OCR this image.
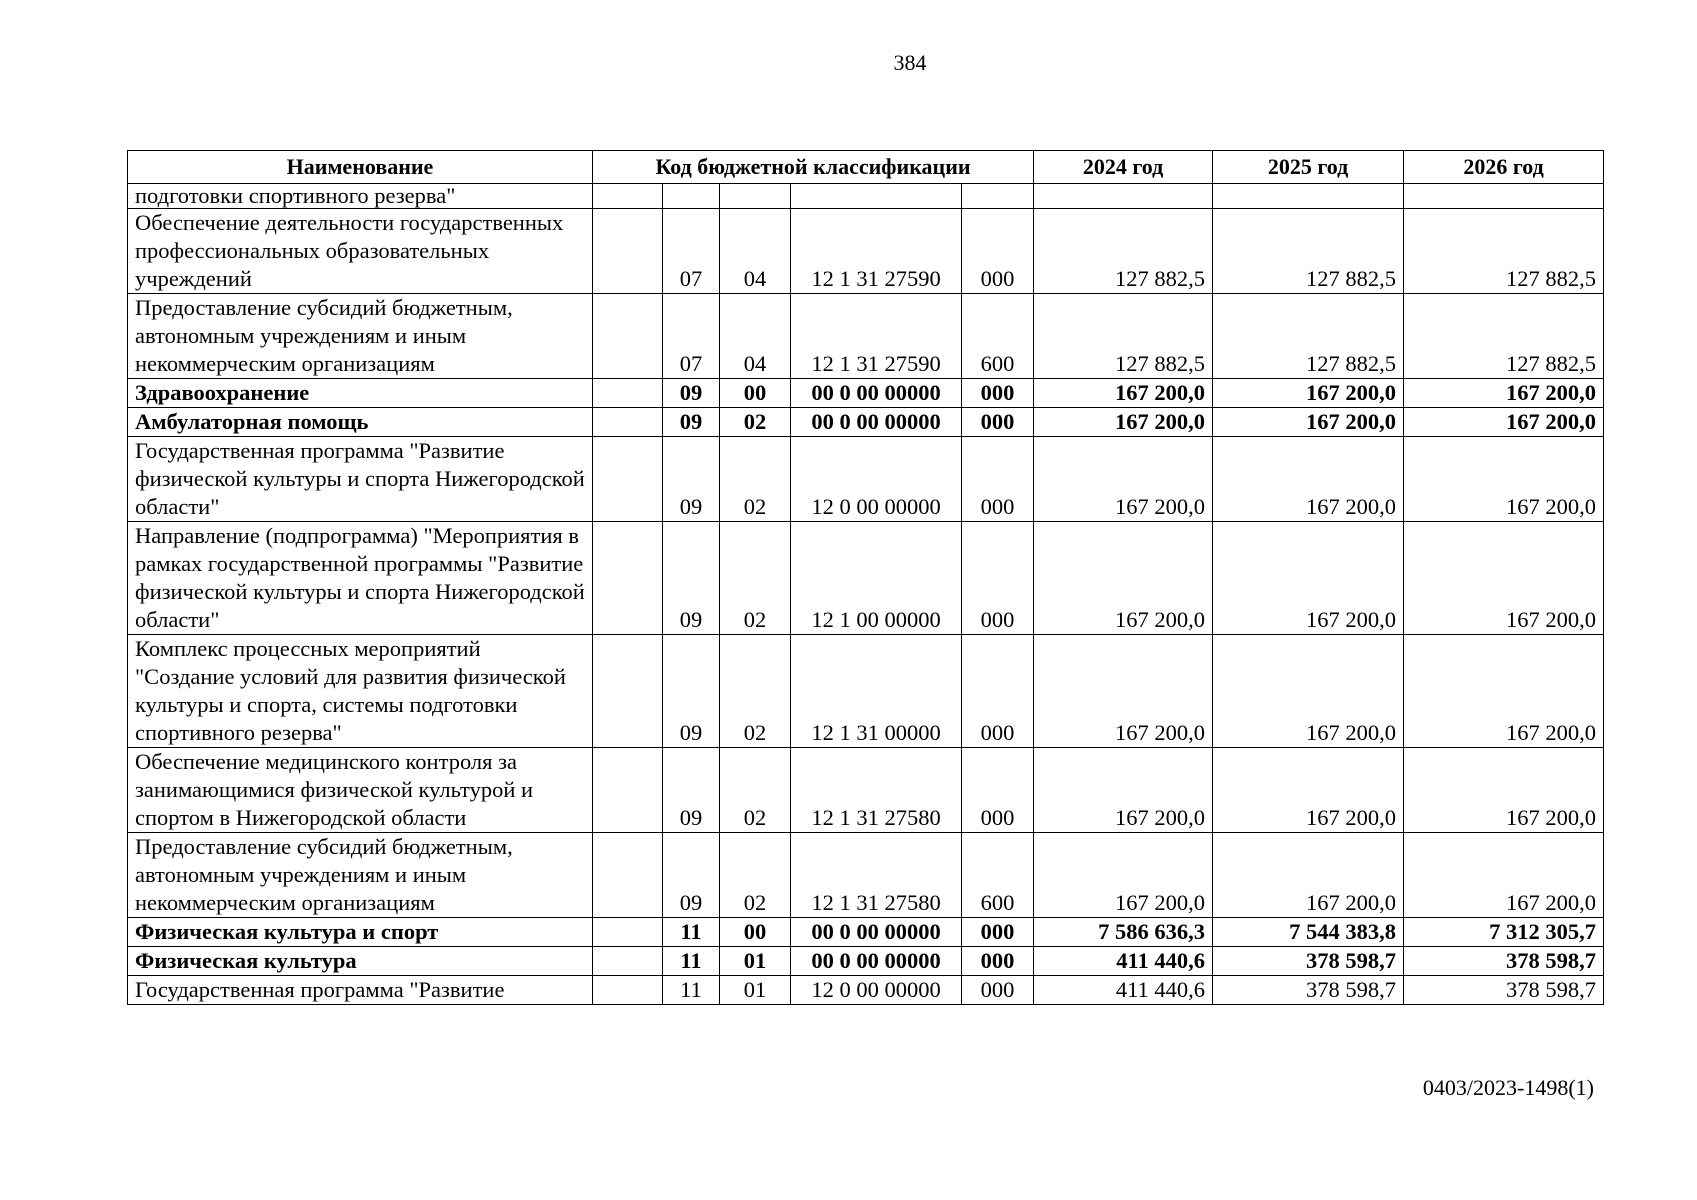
384
Наименование	Код бюджетной классификации					2024 год	2025 год	2026 год
подготовки спортивного резерва"								
Обеспечение деятельности государственных профессиональных образовательных учреждений		07	04	12 1 31 27590	000	127 882,5	127 882,5	127 882,5
Предоставление субсидий бюджетным, автономным учреждениям и иным некоммерческим организациям		07	04	12 1 31 27590	600	127 882,5	127 882,5	127 882,5
Здравоохранение		09	00	00 0 00 00000	000	167 200,0	167 200,0	167 200,0
Амбулаторная помощь		09	02	00 0 00 00000	000	167 200,0	167 200,0	167 200,0
Государственная программа "Развитие физической культуры и спорта Нижегородской области"		09	02	12 0 00 00000	000	167 200,0	167 200,0	167 200,0
Направление (подпрограмма) "Мероприятия в рамках государственной программы "Развитие физической культуры и спорта Нижегородской области"		09	02	12 1 00 00000	000	167 200,0	167 200,0	167 200,0
Комплекс процессных мероприятий "Создание условий для развития физической культуры и спорта, системы подготовки спортивного резерва"		09	02	12 1 31 00000	000	167 200,0	167 200,0	167 200,0
Обеспечение медицинского контроля за занимающимися физической культурой и спортом в Нижегородской области		09	02	12 1 31 27580	000	167 200,0	167 200,0	167 200,0
Предоставление субсидий бюджетным, автономным учреждениям и иным некоммерческим организациям		09	02	12 1 31 27580	600	167 200,0	167 200,0	167 200,0
Физическая культура и спорт		11	00	00 0 00 00000	000	7 586 636,3	7 544 383,8	7 312 305,7
Физическая культура		11	01	00 0 00 00000	000	411 440,6	378 598,7	378 598,7
Государственная программа "Развитие		11	01	12 0 00 00000	000	411 440,6	378 598,7	378 598,7
0403/2023-1498(1)
